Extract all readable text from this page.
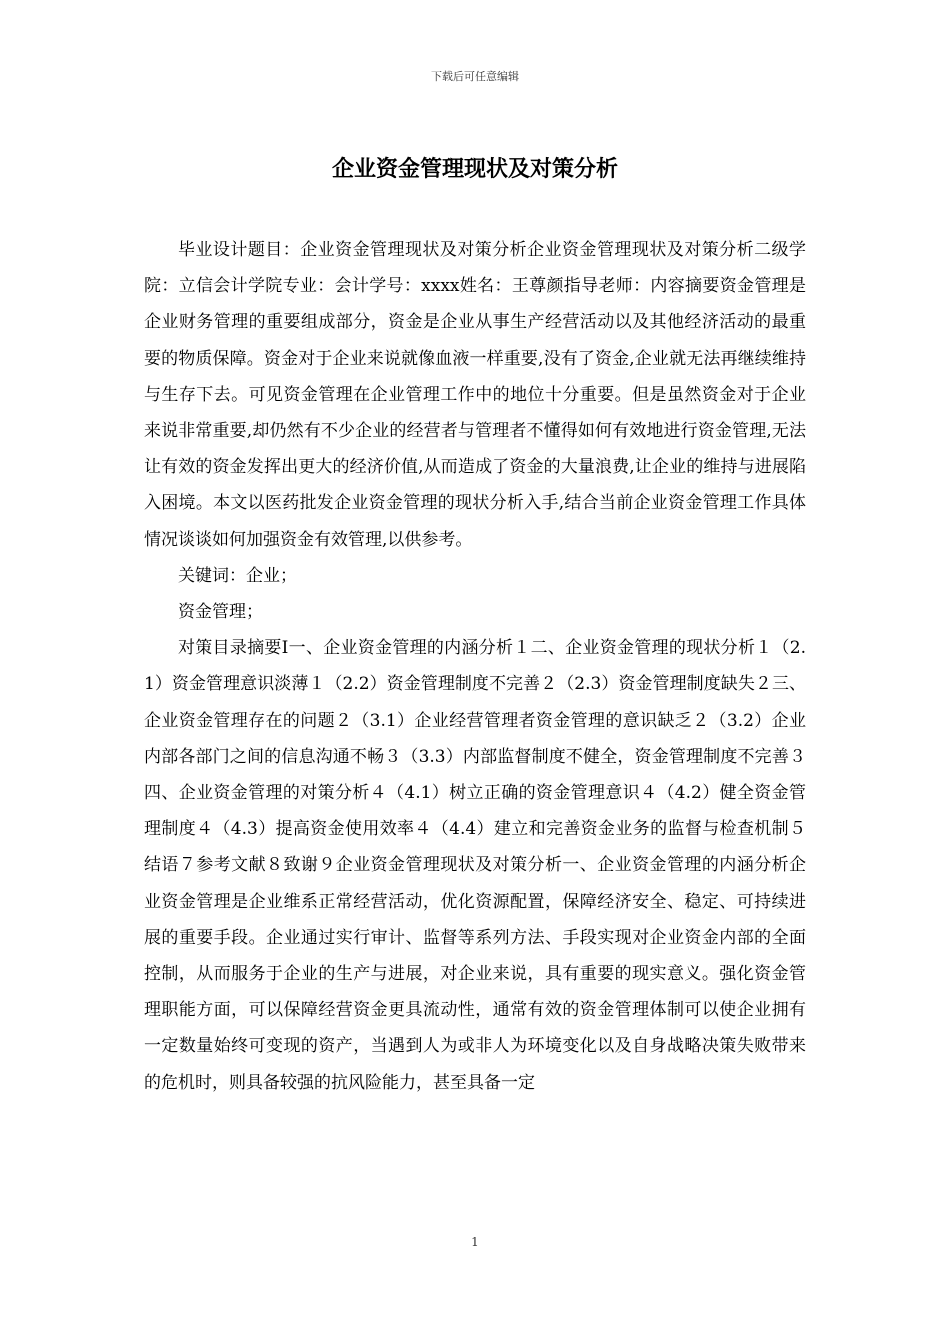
下载后可任意编辑
企业资金管理现状及对策分析

毕业设计题目：企业资金管理现状及对策分析企业资金管理现状及对策分析二级学院：立信会计学院专业：会计学号：xxxx姓名：王尊颜指导老师：内容摘要资金管理是企业财务管理的重要组成部分，资金是企业从事生产经营活动以及其他经济活动的最重要的物质保障。资金对于企业来说就像血液一样重要,没有了资金,企业就无法再继续维持与生存下去。可见资金管理在企业管理工作中的地位十分重要。但是虽然资金对于企业来说非常重要,却仍然有不少企业的经营者与管理者不懂得如何有效地进行资金管理,无法让有效的资金发挥出更大的经济价值,从而造成了资金的大量浪费,让企业的维持与进展陷入困境。本文以医药批发企业资金管理的现状分析入手,结合当前企业资金管理工作具体情况谈谈如何加强资金有效管理,以供参考。

关键词：企业；

资金管理；

对策目录摘要Ⅰ一、企业资金管理的内涵分析１二、企业资金管理的现状分析１（2.1）资金管理意识淡薄１（2.2）资金管理制度不完善２（2.3）资金管理制度缺失２三、企业资金管理存在的问题２（3.1）企业经营管理者资金管理的意识缺乏２（3.2）企业内部各部门之间的信息沟通不畅３（3.3）内部监督制度不健全，资金管理制度不完善３四、企业资金管理的对策分析４（4.1）树立正确的资金管理意识４（4.2）健全资金管理制度４（4.3）提高资金使用效率４（4.4）建立和完善资金业务的监督与检查机制５结语７参考文献８致谢９企业资金管理现状及对策分析一、企业资金管理的内涵分析企业资金管理是企业维系正常经营活动，优化资源配置，保障经济安全、稳定、可持续进展的重要手段。企业通过实行审计、监督等系列方法、手段实现对企业资金内部的全面控制，从而服务于企业的生产与进展，对企业来说，具有重要的现实意义。强化资金管理职能方面，可以保障经营资金更具流动性，通常有效的资金管理体制可以使企业拥有一定数量始终可变现的资产，当遇到人为或非人为环境变化以及自身战略决策失败带来的危机时，则具备较强的抗风险能力，甚至具备一定

1
